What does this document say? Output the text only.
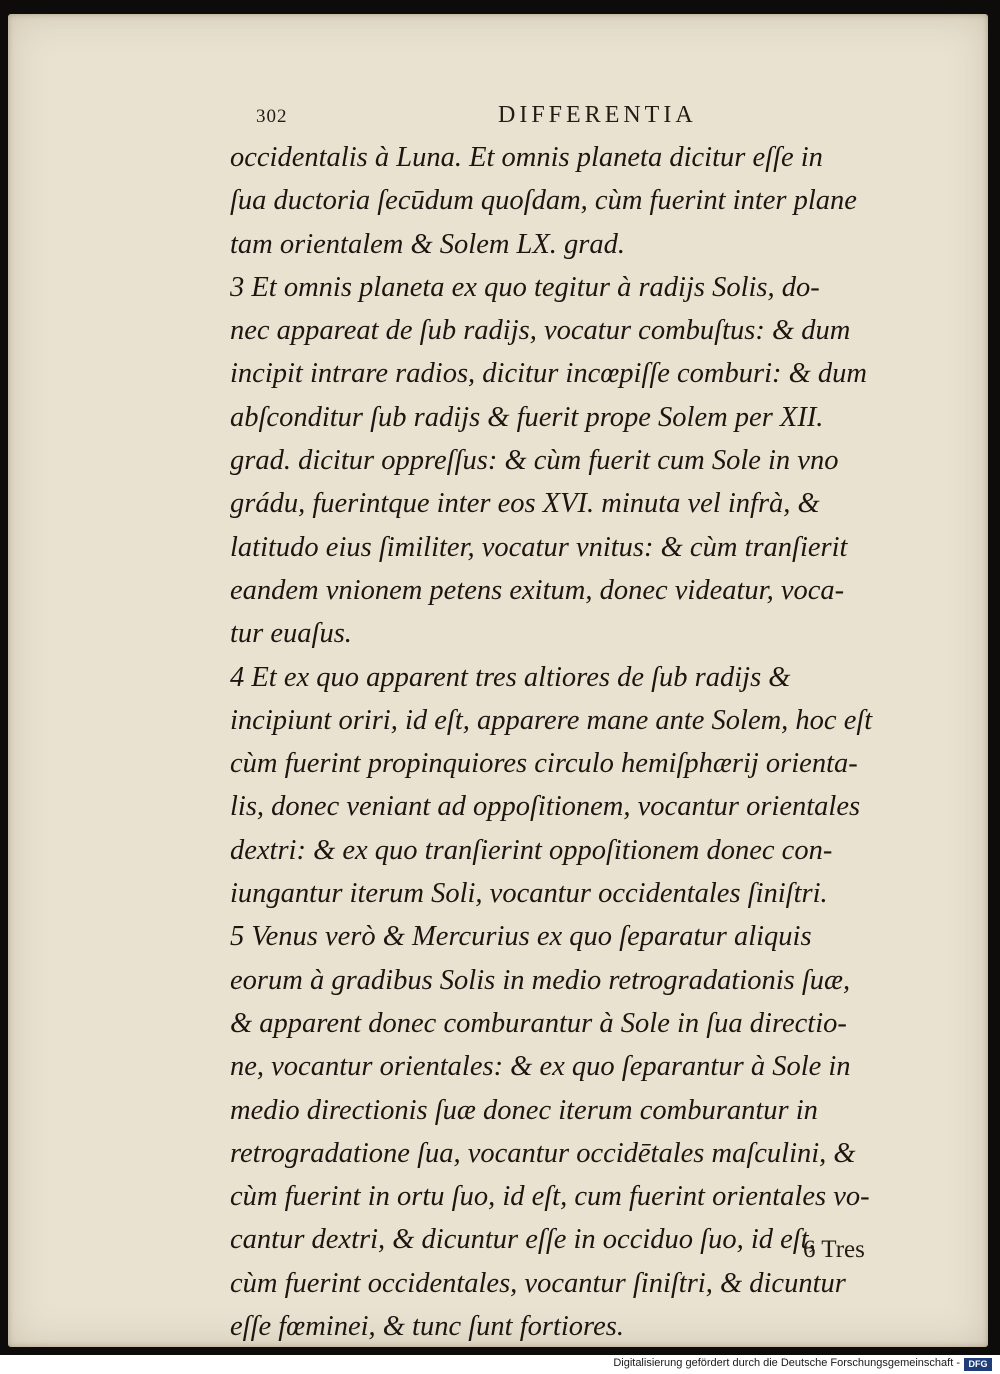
302	DIFFERENTIA
occidentalis à Luna. Et omnis planeta dicitur eſſe in
ſua ductoria ſecūdum quoſdam, cùm fuerint inter plane
tam orientalem & Solem LX. grad.
3 Et omnis planeta ex quo tegitur à radijs Solis, do-
nec appareat de ſub radijs, vocatur combuſtus: & dum
incipit intrare radios, dicitur incœpiſſe comburi: & dum
abſconditur ſub radijs & fuerit prope Solem per XII.
grad. dicitur oppreſſus: & cùm fuerit cum Sole in vno
grádu, fuerintque inter eos XVI. minuta vel infrà, &
latitudo eius ſimiliter, vocatur vnitus: & cùm tranſierit
eandem vnionem petens exitum, donec videatur, voca-
tur euaſus.
4 Et ex quo apparent tres altiores de ſub radijs &
incipiunt oriri, id eſt, apparere mane ante Solem, hoc eſt
cùm fuerint propinquiores circulo hemiſphærij orienta-
lis, donec veniant ad oppoſitionem, vocantur orientales
dextri: & ex quo tranſierint oppoſitionem donec con-
iungantur iterum Soli, vocantur occidentales ſiniſtri.
5 Venus verò & Mercurius ex quo ſeparatur aliquis
eorum à gradibus Solis in medio retrogradationis ſuæ,
& apparent donec comburantur à Sole in ſua directio-
ne, vocantur orientales: & ex quo ſeparantur à Sole in
medio directionis ſuæ donec iterum comburantur in
retrogradatione ſua, vocantur occidētales maſculini, &
cùm fuerint in ortu ſuo, id eſt, cum fuerint orientales vo-
cantur dextri, & dicuntur eſſe in occiduo ſuo, id eſt,
cùm fuerint occidentales, vocantur ſiniſtri, & dicuntur
eſſe fœminei, & tunc ſunt fortiores.
6 Tres
Digitalisierung gefördert durch die Deutsche Forschungsgemeinschaft - DFG
